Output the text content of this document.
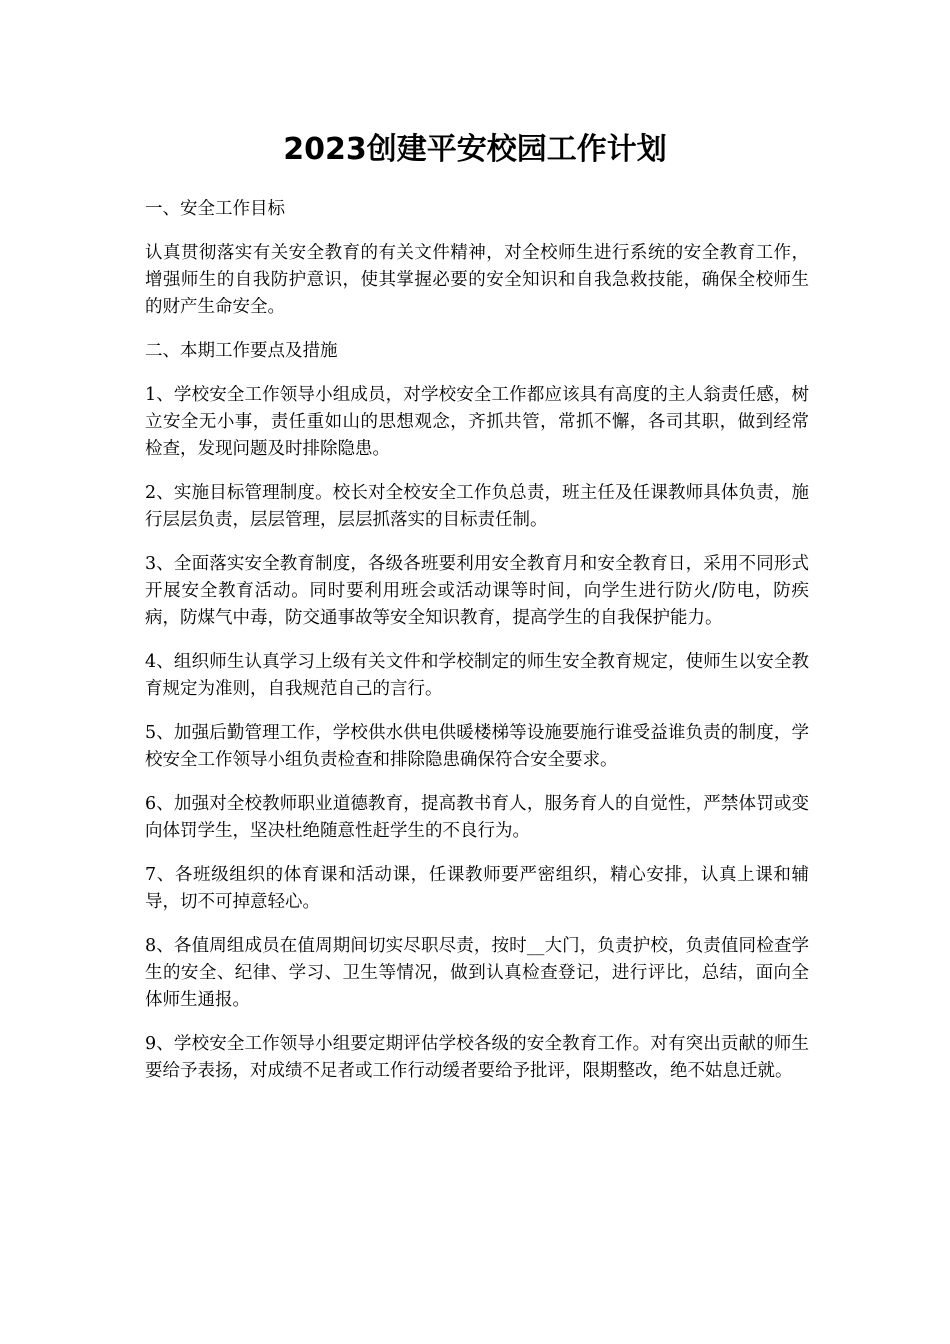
2023创建平安校园工作计划

一、安全工作目标

认真贯彻落实有关安全教育的有关文件精神，对全校师生进行系统的安全教育工作，增强师生的自我防护意识，使其掌握必要的安全知识和自我急救技能，确保全校师生的财产生命安全。

二、本期工作要点及措施

1、学校安全工作领导小组成员，对学校安全工作都应该具有高度的主人翁责任感，树立安全无小事，责任重如山的思想观念，齐抓共管，常抓不懈，各司其职，做到经常检查，发现问题及时排除隐患。

2、实施目标管理制度。校长对全校安全工作负总责，班主任及任课教师具体负责，施行层层负责，层层管理，层层抓落实的目标责任制。

3、全面落实安全教育制度，各级各班要利用安全教育月和安全教育日，采用不同形式开展安全教育活动。同时要利用班会或活动课等时间，向学生进行防火/防电，防疾病，防煤气中毒，防交通事故等安全知识教育，提高学生的自我保护能力。

4、组织师生认真学习上级有关文件和学校制定的师生安全教育规定，使师生以安全教育规定为准则，自我规范自己的言行。

5、加强后勤管理工作，学校供水供电供暖楼梯等设施要施行谁受益谁负责的制度，学校安全工作领导小组负责检查和排除隐患确保符合安全要求。

6、加强对全校教师职业道德教育，提高教书育人，服务育人的自觉性，严禁体罚或变向体罚学生，坚决杜绝随意性赶学生的不良行为。

7、各班级组织的体育课和活动课，任课教师要严密组织，精心安排，认真上课和辅导，切不可掉意轻心。

8、各值周组成员在值周期间切实尽职尽责，按时__大门，负责护校，负责值同检查学生的安全、纪律、学习、卫生等情况，做到认真检查登记，进行评比，总结，面向全体师生通报。

9、学校安全工作领导小组要定期评估学校各级的安全教育工作。对有突出贡献的师生要给予表扬，对成绩不足者或工作行动缓者要给予批评，限期整改，绝不姑息迁就。
